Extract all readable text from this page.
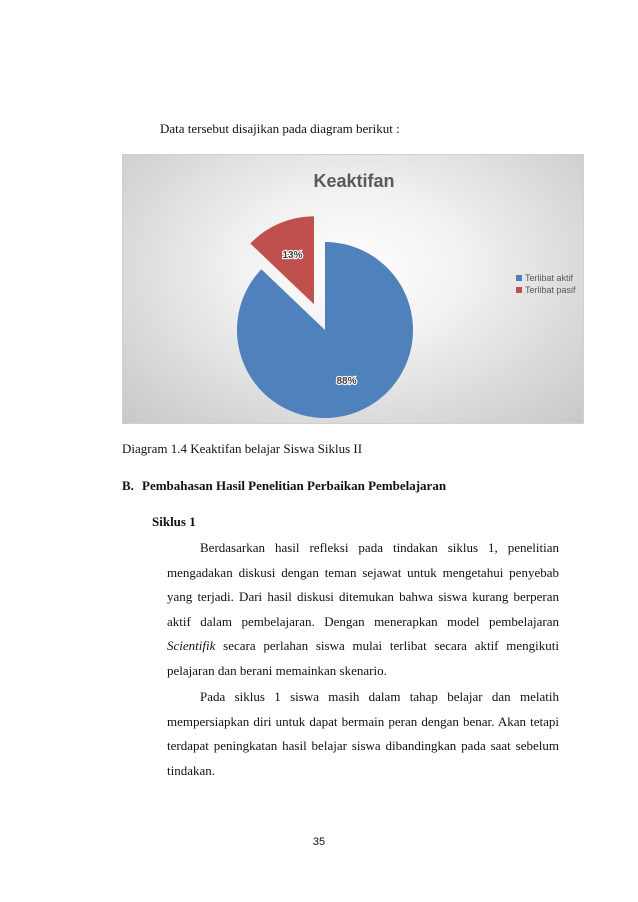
Data tersebut disajikan pada diagram berikut :
Keaktifan
88%
13%
Terlibat aktif
Terlibat pasif
Diagram 1.4 Keaktifan belajar Siswa Siklus II
B. Pembahasan Hasil Penelitian Perbaikan Pembelajaran
Siklus 1

Berdasarkan hasil refleksi pada tindakan siklus 1, penelitian mengadakan diskusi dengan teman sejawat untuk mengetahui penyebab yang terjadi. Dari hasil diskusi ditemukan bahwa siswa kurang berperan aktif dalam pembelajaran. Dengan menerapkan model pembelajaran Scientifik secara perlahan siswa mulai terlibat secara aktif mengikuti pelajaran dan berani memainkan skenario.

Pada siklus 1 siswa masih dalam tahap belajar dan melatih mempersiapkan diri untuk dapat bermain peran dengan benar. Akan tetapi terdapat peningkatan hasil belajar siswa dibandingkan pada saat sebelum tindakan.

35
